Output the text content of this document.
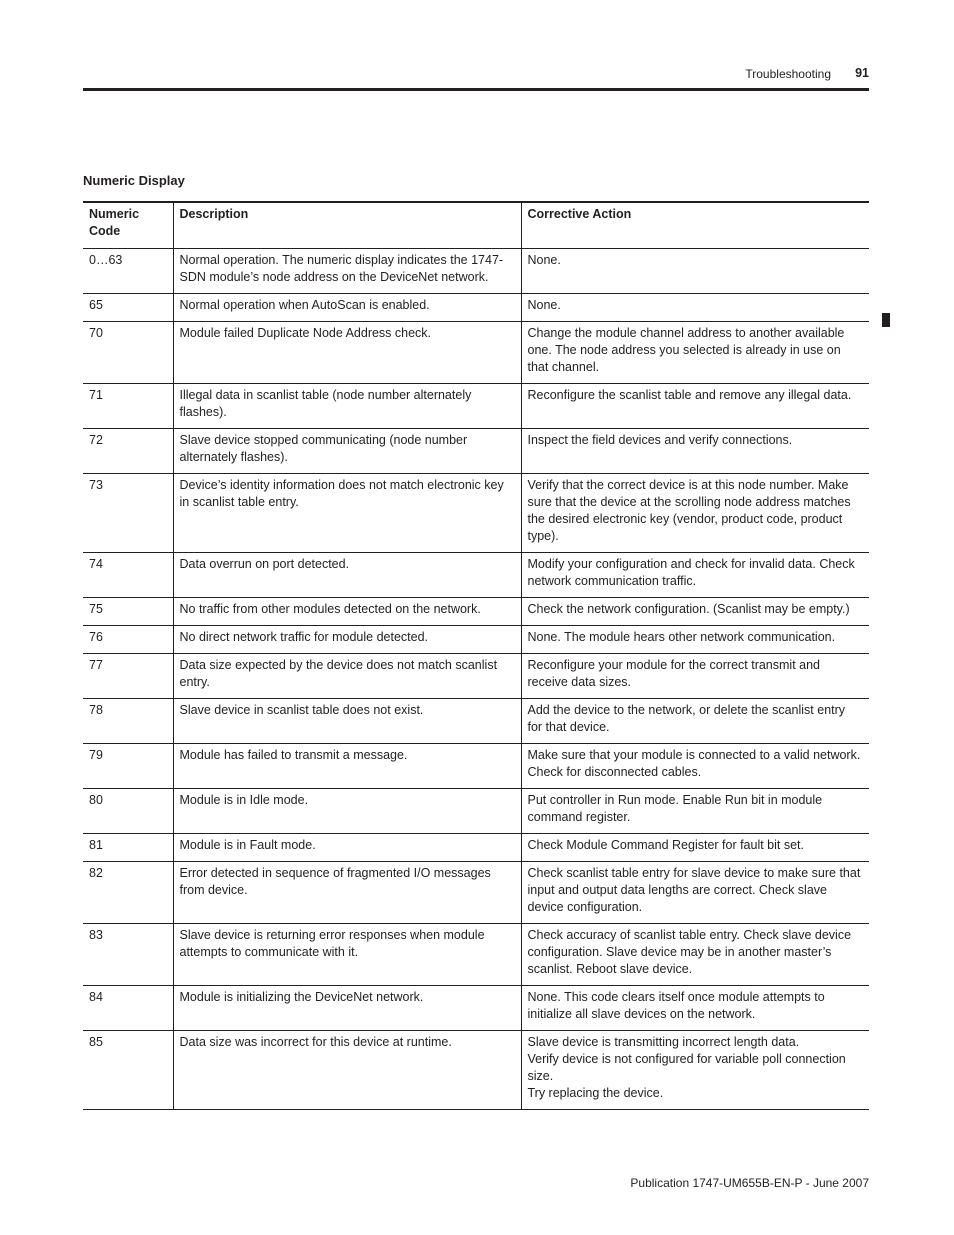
Troubleshooting 91
Numeric Display
Numeric Code	Description	Corrective Action
0…63	Normal operation. The numeric display indicates the 1747-SDN module’s node address on the DeviceNet network.	None.

65	Normal operation when AutoScan is enabled.	None.

70	Module failed Duplicate Node Address check.	Change the module channel address to another available one. The node address you selected is already in use on that channel.

71	Illegal data in scanlist table (node number alternately flashes).	Reconfigure the scanlist table and remove any illegal data.

72	Slave device stopped communicating (node number alternately flashes).	Inspect the field devices and verify connections.

73	Device’s identity information does not match electronic key in scanlist table entry.	Verify that the correct device is at this node number. Make sure that the device at the scrolling node address matches the desired electronic key (vendor, product code, product type).

74	Data overrun on port detected.	Modify your configuration and check for invalid data. Check network communication traffic.

75	No traffic from other modules detected on the network.	Check the network configuration. (Scanlist may be empty.)

76	No direct network traffic for module detected.	None. The module hears other network communication.

77	Data size expected by the device does not match scanlist entry.	Reconfigure your module for the correct transmit and receive data sizes.

78	Slave device in scanlist table does not exist.	Add the device to the network, or delete the scanlist entry for that device.

79	Module has failed to transmit a message.	Make sure that your module is connected to a valid network.
Check for disconnected cables.

80	Module is in Idle mode.	Put controller in Run mode. Enable Run bit in module command register.

81	Module is in Fault mode.	Check Module Command Register for fault bit set.

82	Error detected in sequence of fragmented I/O messages from device.	Check scanlist table entry for slave device to make sure that input and output data lengths are correct. Check slave device configuration.

83	Slave device is returning error responses when module attempts to communicate with it.	Check accuracy of scanlist table entry. Check slave device configuration. Slave device may be in another master’s scanlist. Reboot slave device.

84	Module is initializing the DeviceNet network.	None. This code clears itself once module attempts to initialize all slave devices on the network.

85	Data size was incorrect for this device at runtime.	Slave device is transmitting incorrect length data.
Verify device is not configured for variable poll connection size.
Try replacing the device.
Publication 1747-UM655B-EN-P - June 2007
